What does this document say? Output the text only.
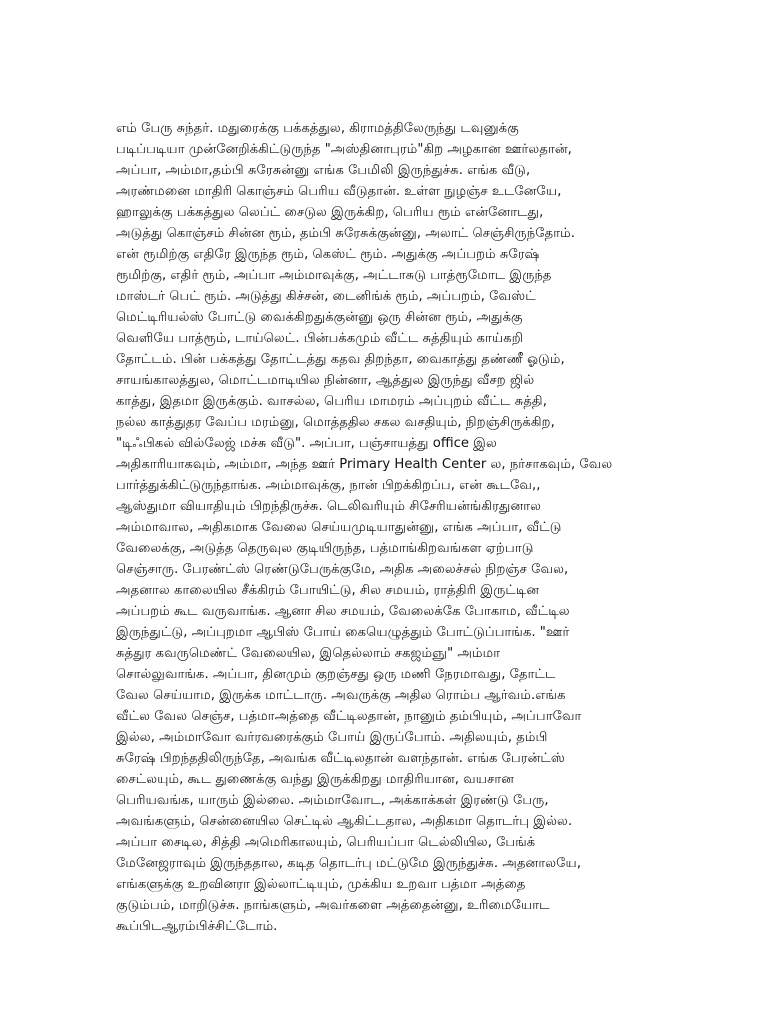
எம் பேரு சுந்தர். மதுரைக்கு பக்கத்துல, கிராமத்திலேருந்து டவுனுக்கு
படிப்படியா முன்னேறிக்கிட்டுருந்த "அஸ்தினாபுரம்"கிற அழகான ஊர்லதான்,
அப்பா, அம்மா,தம்பி சுரேசுன்னு எங்க பேமிலி இருந்துச்சு. எங்க வீடு,
அரண்மனை மாதிரி கொஞ்சம் பெரிய வீடுதான். உள்ள நுழஞ்ச உடனேயே,
ஹாலுக்கு பக்கத்துல லெப்ட் சைடுல இருக்கிற, பெரிய ரூம் என்னோடது,
அடுத்து கொஞ்சம் சின்ன ரூம், தம்பி சுரேசுக்குன்னு, அலாட் செஞ்சிருந்தோம்.
என் ரூமிற்கு எதிரே இருந்த ரூம், கெஸ்ட் ரூம். அதுக்கு அப்பறம் சுரேஷ்
ரூமிற்கு, எதிர் ரூம், அப்பா அம்மாவுக்கு, அட்டாசுடு பாத்ரூமோட இருந்த
மாஸ்டர் பெட் ரூம். அடுத்து கிச்சன், டைனிங்க் ரூம், அப்பறம், வேஸ்ட்
மெட்டிரியல்ஸ் போட்டு வைக்கிறதுக்குன்னு ஒரு சின்ன ரூம், அதுக்கு
வெளியே பாத்ரூம், டாய்லெட். பின்பக்கமும் வீட்ட சுத்தியும் காய்கறி
தோட்டம். பின் பக்கத்து தோட்டத்து கதவ திறந்தா, வைகாத்து தண்ணீ ஓடும்,
சாயங்காலத்துல, மொட்டமாடியில நின்னா, ஆத்துல இருந்து வீசற ஜில்
காத்து, இதமா இருக்கும். வாசல்ல, பெரிய மாமரம் அப்புறம் வீட்ட சுத்தி,
நல்ல காத்துதர வேப்ப மரம்னு, மொத்ததில சகல வசதியும், நிறஞ்சிருக்கிற,
"டிஃபிகல் வில்லேஜ் மச்சு வீடு". அப்பா, பஞ்சாயத்து office இல
அதிகாரியாகவும், அம்மா, அந்த ஊர் Primary Health Center ல, நர்சாகவும், வேல
பார்த்துக்கிட்டுருந்தாங்க. அம்மாவுக்கு, நான் பிறக்கிறப்ப, என் கூடவே,,
ஆஸ்துமா வியாதியும் பிறந்திருச்சு. டெலிவரியும் சிசேரியன்ங்கிரதுனால
அம்மாவால, அதிகமாக வேலை செய்யமுடியாதுன்னு, எங்க அப்பா, வீட்டு
வேலைக்கு, அடுத்த தெருவுல குடியிருந்த, பத்மாங்கிறவங்கள ஏற்பாடு
செஞ்சாரு. பேரண்ட்ஸ் ரெண்டுபேருக்குமே, அதிக அலைச்சல் நிறஞ்ச வேல,
அதனால காலையில சீக்கிரம் போயிட்டு, சில சமயம், ராத்திரி இருட்டின
அப்பறம் கூட வருவாங்க. ஆனா சில சமயம், வேலைக்கே போகாம, வீட்டில
இருந்துட்டு, அப்புறமா ஆபிஸ் போய் கையெழுத்தும் போட்டுப்பாங்க. "ஊர்
சுத்துர கவருமெண்ட் வேலையில, இதெல்லாம் சகஜம்ஞு" அம்மா
சொல்லுவாங்க. அப்பா, தினமும் குறஞ்சது ஒரு மணி நேரமாவது, தோட்ட
வேல செய்யாம, இருக்க மாட்டாரு. அவருக்கு அதில ரொம்ப ஆர்வம்.எங்க
வீட்ல வேல செஞ்ச, பத்மாஅத்தை வீட்டிலதான், நானும் தம்பியும், அப்பாவோ
இல்ல, அம்மாவோ வர்ரவரைக்கும் போய் இருப்போம். அதிலயும், தம்பி
சுரேஷ் பிறந்ததிலிருந்தே, அவங்க வீட்டிலதான் வளந்தான். எங்க பேரன்ட்ஸ்
சைட்லயும், கூட துணைக்கு வந்து இருக்கிறது மாதிரியான, வயசான
பெரியவங்க, யாரும் இல்லை. அம்மாவோட, அக்காக்கள் இரண்டு பேரு,
அவங்களும், சென்னையில செட்டில் ஆகிட்டதால, அதிகமா தொடர்பு இல்ல.
அப்பா சைடில, சித்தி அமெரிகாலயும், பெரியப்பா டெல்லியில, பேங்க்
மேனேஜராவும் இருந்ததால, கடித தொடர்பு மட்டுமே இருந்துச்சு. அதனாலயே,
எங்களுக்கு உறவினரா இல்லாட்டியும், முக்கிய உறவா பத்மா அத்தை
குடும்பம், மாறிடுச்சு. நாங்களும், அவர்களை அத்தைன்னு, உரிமையோட
கூப்பிடஆரம்பிச்சிட்டோம்.
